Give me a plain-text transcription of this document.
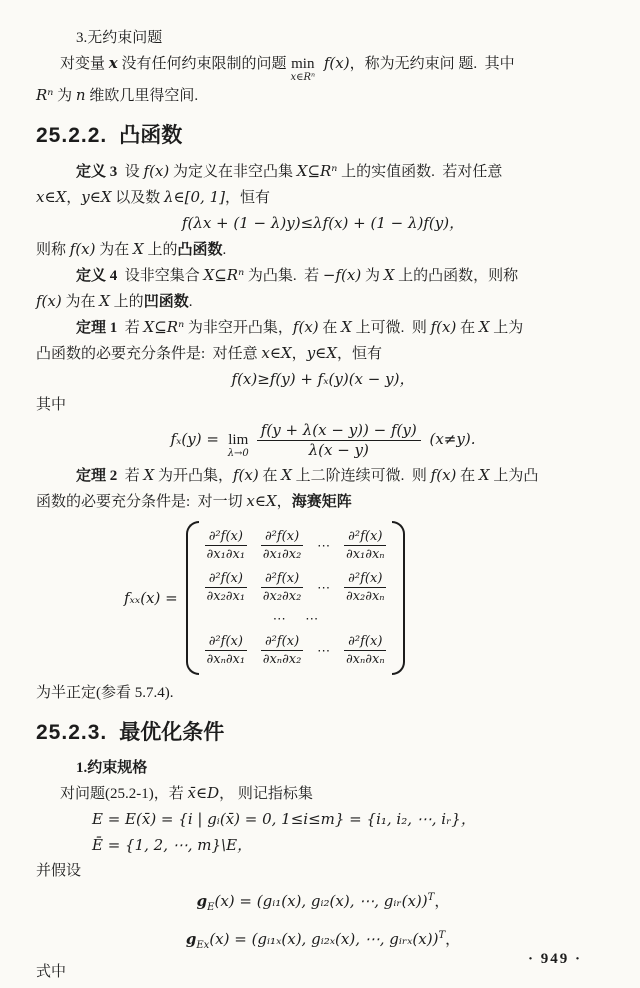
3.无约束问题

对变量 x 没有任何约束限制的问题 min
x∈Rⁿ
f(x)，称为无约束问 题.  其中

Rⁿ 为 n 维欧几里得空间.

25.2.2. 凸函数

定义 3  设 f(x) 为定义在非空凸集 X⊆Rⁿ 上的实值函数.  若对任意

x∈X，y∈X 以及数 λ∈[0, 1]，恒有

f(λx + (1 − λ)y)≤λf(x) + (1 − λ)f(y)，

则称 f(x) 为在 X 上的凸函数.

定义 4  设非空集合 X⊆Rⁿ 为凸集.  若 −f(x) 为 X 上的凸函数，则称

f(x) 为在 X 上的凹函数.

定理 1  若 X⊆Rⁿ 为非空开凸集，f(x) 在 X 上可微.  则 f(x) 在 X 上为

凸函数的必要充分条件是:  对任意 x∈X，y∈X，恒有

f(x)≥f(y) + fₓ(y)(x − y)，

其中

fₓ(y) = lim
$\lambda\to 0 \frac{f(y + \lambda(x - y)) - f(y)}{\lambda(x - y)} (x\ne y)$.

定理 2  若 X 为开凸集，f(x) 在 X 上二阶连续可微.  则 f(x) 在 X 上为凸

函数的必要充分条件是:  对一切 x∈X，海赛矩阵

fₓₓ(x) =
$\frac{\text{∂²f(x)}}{\text{∂x₁∂x₁}} \frac{\text{∂²f(x)}}{\text{∂x₁∂x₂}}$ ⋯ $\frac{\text{∂²f(x)}}{\text{∂x₁∂xₙ}}$
$\frac{\text{∂²f(x)}}{\text{∂x₂∂x₁}} \frac{\text{∂²f(x)}}{\text{∂x₂∂x₂}}$ ⋯ $\frac{\text{∂²f(x)}}{\text{∂x₂∂xₙ}}$
⋯      ⋯
$\frac{\text{∂²f(x)}}{\text{∂xₙ∂x₁}} \frac{\text{∂²f(x)}}{\text{∂xₙ∂x₂}}$ ⋯ $\frac{\text{∂²f(x)}}{\text{∂xₙ∂xₙ}}$

为半正定(参看 5.7.4).

25.2.3. 最优化条件

1.约束规格

对问题(25.2-1)，若 x̄∈D， 则记指标集

E = E(x̄) = {i | gᵢ(x̄) = 0, 1≤i≤m} = {i₁, i₂, ⋯, iᵣ}，

Ē = {1, 2, ⋯, m}\E，

并假设

$g_E(x)$ = (gᵢ₁(x), gᵢ₂(x), ⋯, gᵢᵣ(x))$^T$，

$g_{Ex}(x)$ = (gᵢ₁ₓ(x), gᵢ₂ₓ(x), ⋯, gᵢᵣₓ(x))$^T$，

式中

· 949 ·
